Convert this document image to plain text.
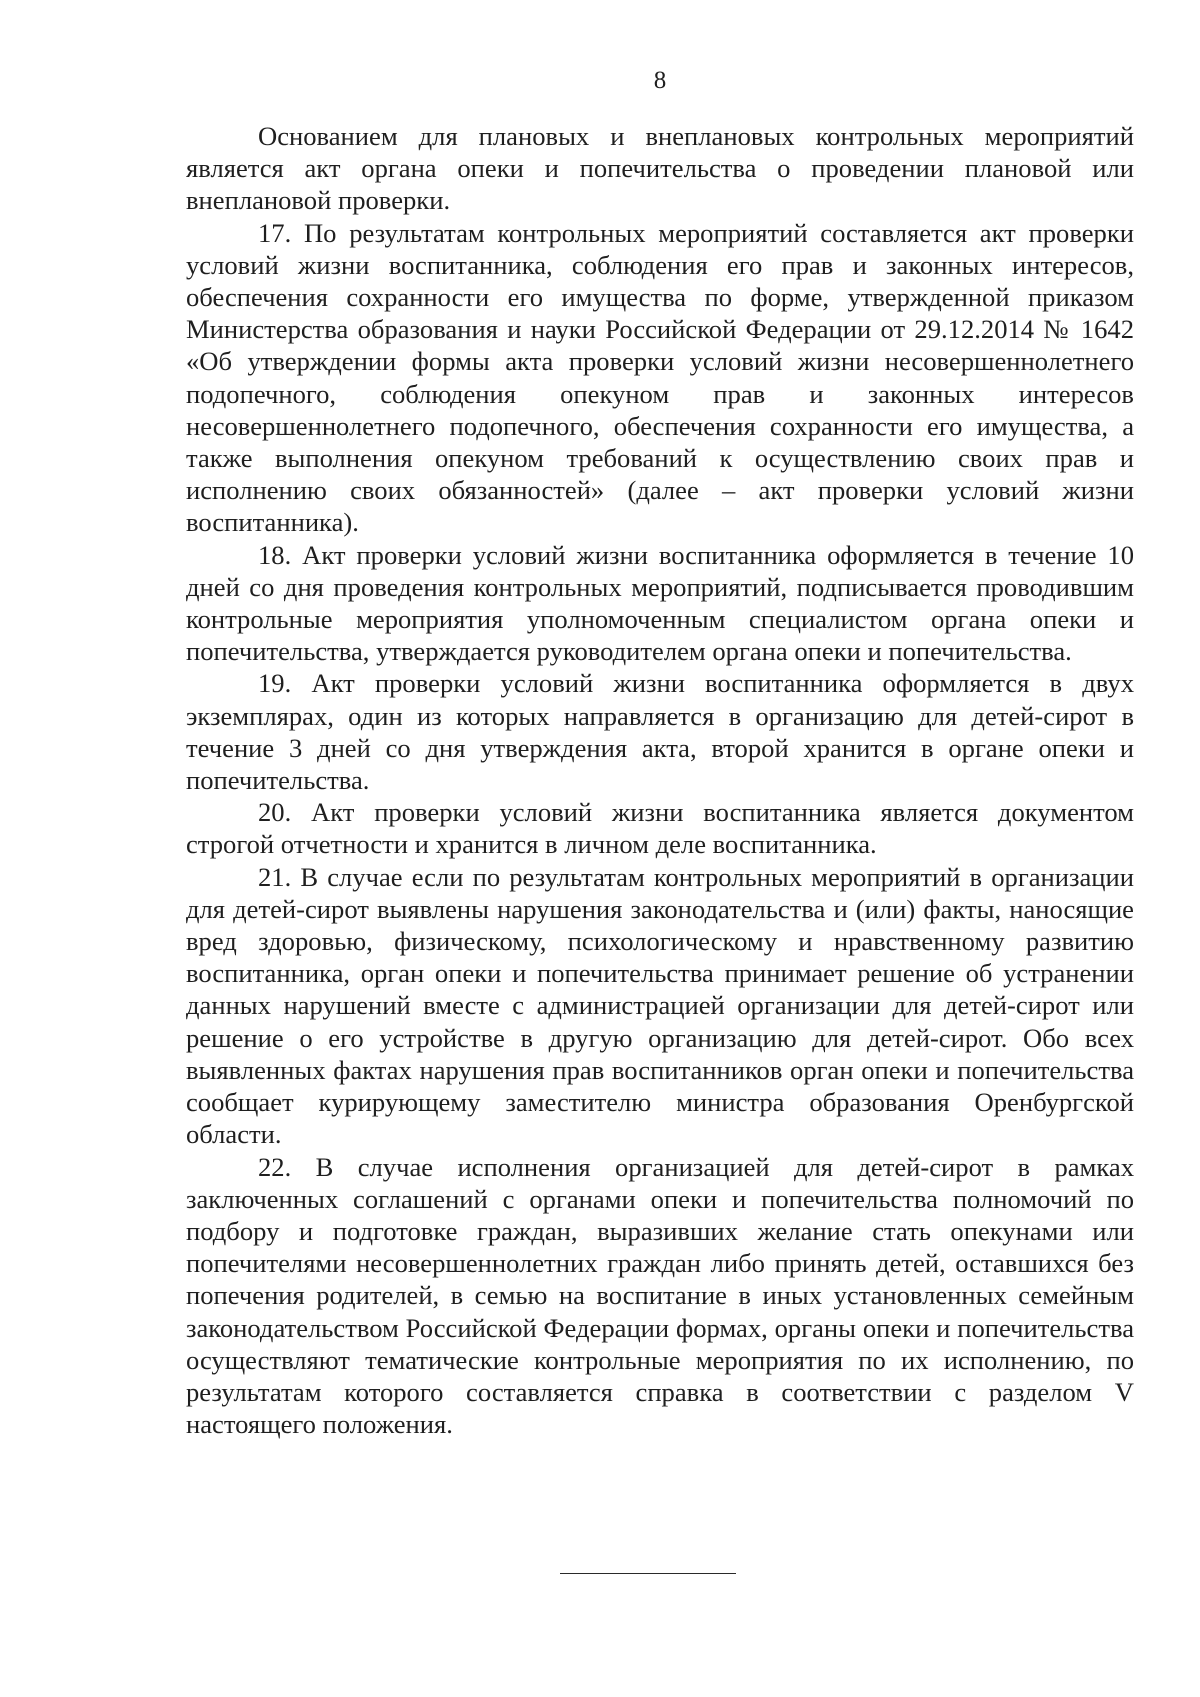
8

Основанием для плановых и внеплановых контрольных мероприятий является акт органа опеки и попечительства о проведении плановой или внеплановой проверки.

17. По результатам контрольных мероприятий составляется акт проверки условий жизни воспитанника, соблюдения его прав и законных интересов, обеспечения сохранности его имущества по форме, утвержденной приказом Министерства образования и науки Российской Федерации от 29.12.2014 № 1642 «Об утверждении формы акта проверки условий жизни несовершеннолетнего подопечного, соблюдения опекуном прав и законных интересов несовершеннолетнего подопечного, обеспечения сохранности его имущества, а также выполнения опекуном требований к осуществлению своих прав и исполнению своих обязанностей» (далее – акт проверки условий жизни воспитанника).

18. Акт проверки условий жизни воспитанника оформляется в течение 10 дней со дня проведения контрольных мероприятий, подписывается проводившим контрольные мероприятия уполномоченным специалистом органа опеки и попечительства, утверждается руководителем органа опеки и попечительства.

19. Акт проверки условий жизни воспитанника оформляется в двух экземплярах, один из которых направляется в организацию для детей-сирот в течение 3 дней со дня утверждения акта, второй хранится в органе опеки и попечительства.

20. Акт проверки условий жизни воспитанника является документом строгой отчетности и хранится в личном деле воспитанника.

21. В случае если по результатам контрольных мероприятий в организации для детей-сирот выявлены нарушения законодательства и (или) факты, наносящие вред здоровью, физическому, психологическому и нравственному развитию воспитанника, орган опеки и попечительства принимает решение об устранении данных нарушений вместе с администрацией организации для детей-сирот или решение о его устройстве в другую организацию для детей-сирот. Обо всех выявленных фактах нарушения прав воспитанников орган опеки и попечительства сообщает курирующему заместителю министра образования Оренбургской области.

22. В случае исполнения организацией для детей-сирот в рамках заключенных соглашений с органами опеки и попечительства полномочий по подбору и подготовке граждан, выразивших желание стать опекунами или попечителями несовершеннолетних граждан либо принять детей, оставшихся без попечения родителей, в семью на воспитание в иных установленных семейным законодательством Российской Федерации формах, органы опеки и попечительства осуществляют тематические контрольные мероприятия по их исполнению, по результатам которого составляется справка в соответствии с разделом V настоящего положения.
